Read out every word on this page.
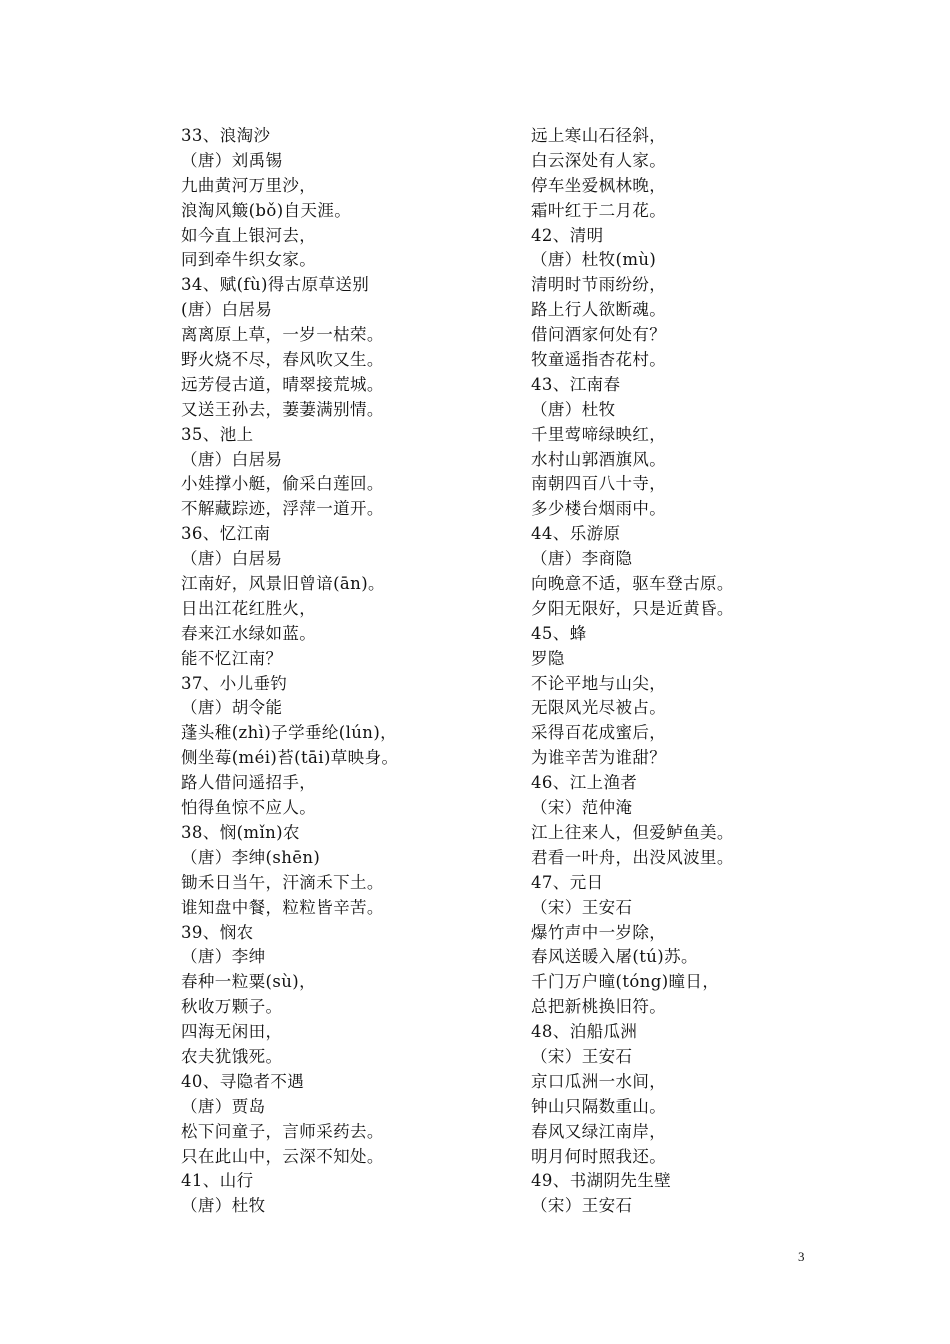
33、浪淘沙
（唐）刘禹锡
九曲黄河万里沙，
浪淘风簸(bǒ)自天涯。
如今直上银河去，
同到牵牛织女家。
34、赋(fù)得古原草送别
(唐）白居易
离离原上草，一岁一枯荣。
野火烧不尽，春风吹又生。
远芳侵古道，晴翠接荒城。
又送王孙去，萋萋满别情。
35、池上
（唐）白居易
小娃撑小艇，偷采白莲回。
不解藏踪迹，浮萍一道开。
36、忆江南
（唐）白居易
江南好，风景旧曾谙(ān)。
日出江花红胜火，
春来江水绿如蓝。
能不忆江南？
37、小儿垂钓
（唐）胡令能
蓬头稚(zhì)子学垂纶(lún)，
侧坐莓(méi)苔(tāi)草映身。
路人借问遥招手，
怕得鱼惊不应人。
38、悯(mǐn)农
（唐）李绅(shēn)
锄禾日当午，汗滴禾下土。
谁知盘中餐，粒粒皆辛苦。
39、悯农
（唐）李绅
春种一粒粟(sù)，
秋收万颗子。
四海无闲田，
农夫犹饿死。
40、寻隐者不遇
（唐）贾岛
松下问童子，言师采药去。
只在此山中，云深不知处。
41、山行
（唐）杜牧
远上寒山石径斜，
白云深处有人家。
停车坐爱枫林晚，
霜叶红于二月花。
42、清明
（唐）杜牧(mù)
清明时节雨纷纷，
路上行人欲断魂。
借问酒家何处有？
牧童遥指杏花村。
43、江南春
（唐）杜牧
千里莺啼绿映红，
水村山郭酒旗风。
南朝四百八十寺，
多少楼台烟雨中。
44、乐游原
（唐）李商隐
向晚意不适，驱车登古原。
夕阳无限好，只是近黄昏。
45、蜂
罗隐
不论平地与山尖，
无限风光尽被占。
采得百花成蜜后，
为谁辛苦为谁甜？
46、江上渔者
（宋）范仲淹
江上往来人，但爱鲈鱼美。
君看一叶舟，出没风波里。
47、元日
（宋）王安石
爆竹声中一岁除，
春风送暖入屠(tú)苏。
千门万户曈(tóng)曈日，
总把新桃换旧符。
48、泊船瓜洲
（宋）王安石
京口瓜洲一水间，
钟山只隔数重山。
春风又绿江南岸，
明月何时照我还。
49、书湖阴先生壁
（宋）王安石
3
